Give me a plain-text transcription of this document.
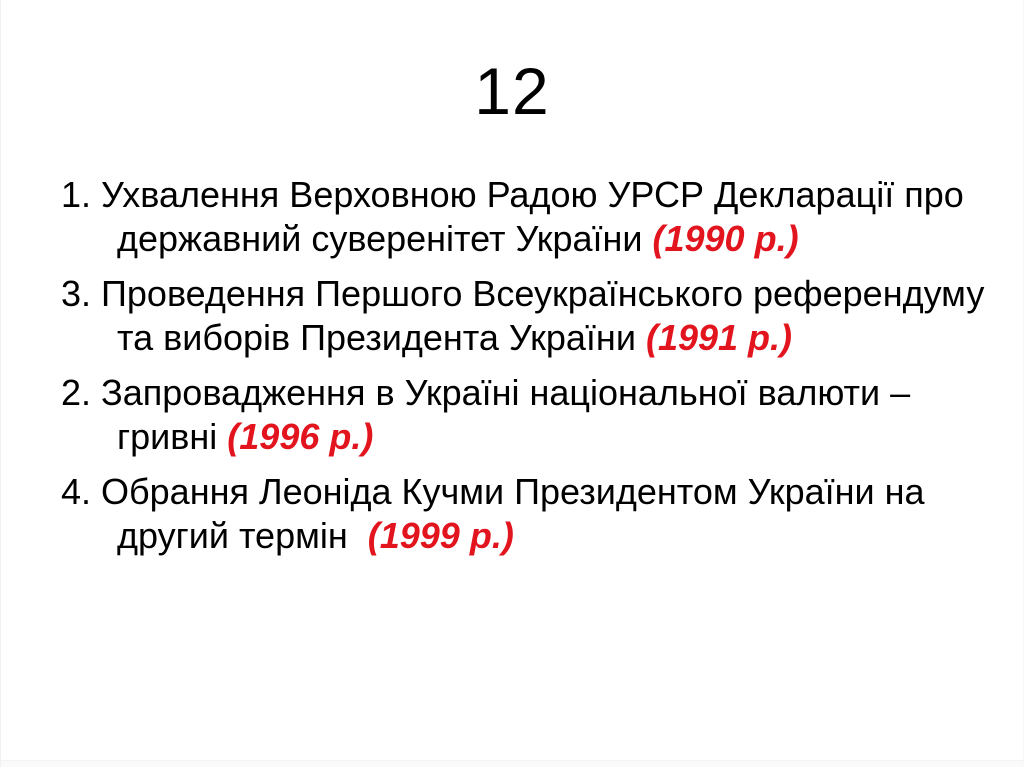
12
1. Ухвалення Верховною Радою УРСР Декларації про державний суверенітет України (1990 р.)
3. Проведення Першого Всеукраїнського референдуму та виборів Президента України (1991 р.)
2. Запровадження в Україні національної валюти – гривні (1996 р.)
4. Обрання Леоніда Кучми Президентом України на другий термін (1999 р.)
